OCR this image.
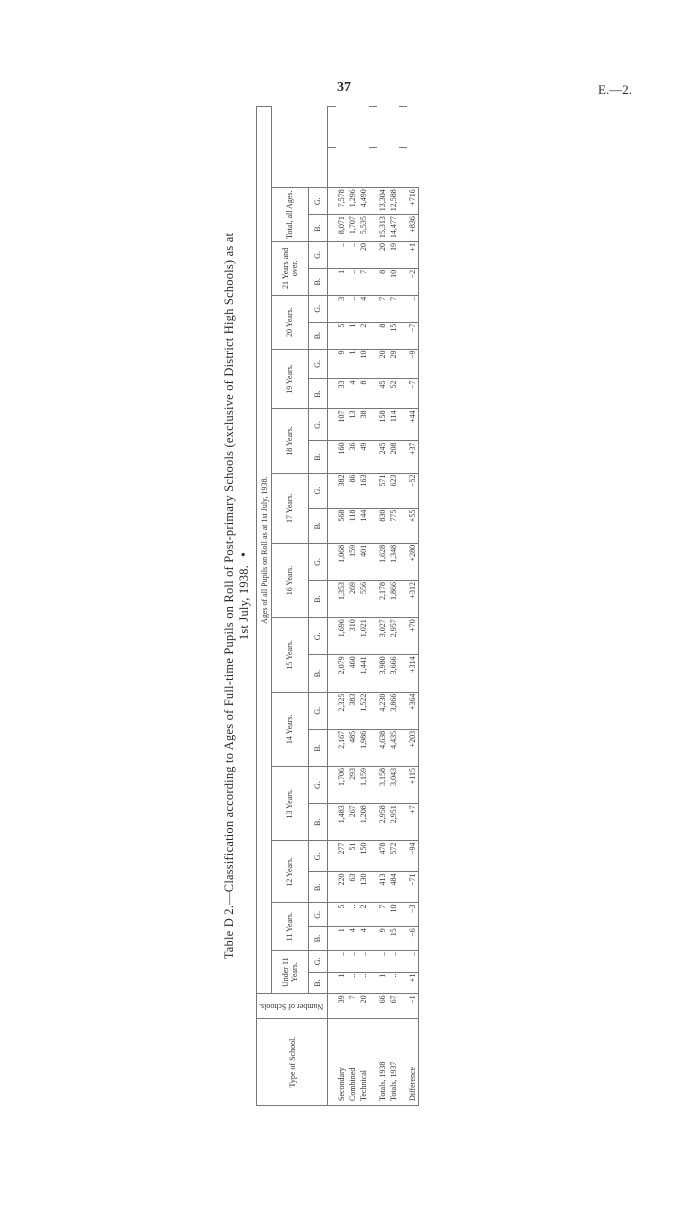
37	E.—2.
Table D 2.—Classification according to Ages of Full-time Pupils on Roll of Post-primary Schools (exclusive of District High Schools) as at 1st July, 1938.•
Type of School.	Number of Schools.	Ages of all Pupils on Roll as at 1st July, 1938.																											
		Under 11 Years.		11 Years.		12 Years.		13 Years.		14 Years.		15 Years.		16 Years.		17 Years.		18 Years.		19 Years.		20 Years.		21 Years and over.		Total, all Ages.			
		B.	G.	B.	G.	B.	G.	B.	G.	B.	G.	B.	G.	B.	G.	B.	G.	B.	G.	B.	G.	B.	G.	B.	G.	B.	G.		

Secondary	39	1	..	1	5	220	277	1,483	1,706	2,167	2,325	2,079	1,696	1,353	1,068	568	382	160	107	33	9	5	3	1	..	8,071	7,578		
Combined	7	..	..	4	..	63	51	267	293	485	383	460	310	269	159	118	86	36	13	4	1	1	..	..	..	1,707	1,296		
Technical	20	..	..	4	2	130	150	1,208	1,159	1,986	1,522	1,441	1,021	556	401	144	163	49	38	8	10	2	4	7	20	5,535	4,490		

Totals, 1938	66	1	..	9	7	413	478	2,958	3,158	4,638	4,230	3,980	3,027	2,178	1,628	830	571	245	158	45	20	8	7	8	20	15,313	13,304		
Totals, 1937	67	..	..	15	10	484	572	2,951	3,043	4,435	3,866	3,666	2,957	1,866	1,348	775	623	208	114	52	29	15	7	10	19	14,477	12,588		

Difference	−1	+1	..	−6	−3	−71	−94	+7	+115	+203	+364	+314	+70	+312	+280	+55	−52	+37	+44	−7	−9	−7	..	−2	+1	+836	+716		
